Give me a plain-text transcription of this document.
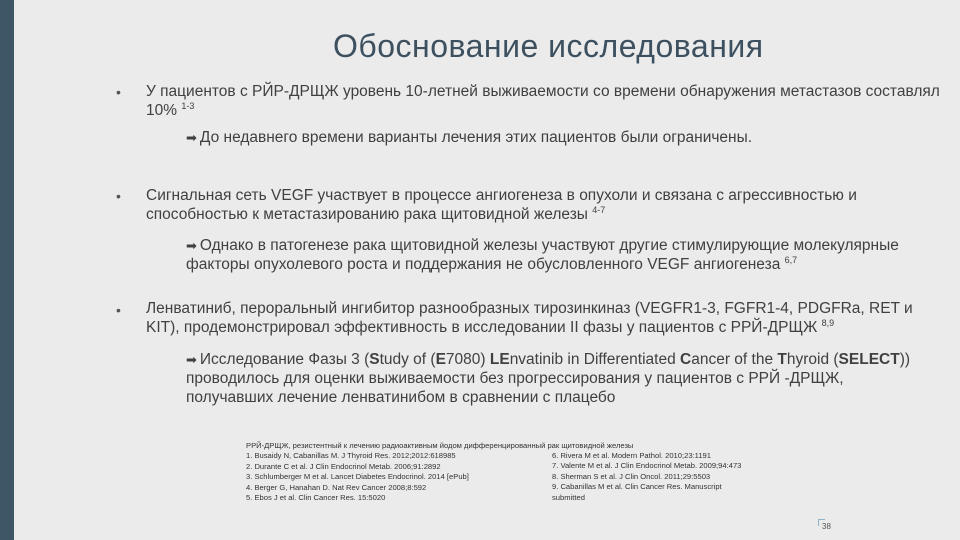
Обоснование исследования
• У пациентов с РЙР-ДРЩЖ уровень 10-летней выживаемости со времени обнаружения метастазов составлял 10% $^{1-3}$
➡ До недавнего времени варианты лечения этих пациентов были ограничены.
• Сигнальная сеть VEGF участвует в процессе ангиогенеза в опухоли и связана с агрессивностью и способностью к метастазированию рака щитовидной железы $^{4-7}$
➡ Однако в патогенезе рака щитовидной железы участвуют другие стимулирующие молекулярные факторы опухолевого роста и поддержания не обусловленного VEGF ангиогенеза $^{6,7}$
• Ленватиниб, пероральный ингибитор разнообразных тирозинкиназ (VEGFR1-3, FGFR1-4, PDGFRa, RET и KIT), продемонстрировал эффективность в исследовании II фазы у пациентов с РРЙ-ДРЩЖ $^{8,9}$
➡ Исследование Фазы 3 (Study of (E7080) LEnvatinib in Differentiated Cancer of the Thyroid (SELECT)) проводилось для оценки выживаемости без прогрессирования у пациентов с РРЙ -ДРЩЖ, получавших лечение ленватинибом в сравнении с плацебо
РРЙ-ДРЩЖ, резистентный к лечению радиоактивным йодом дифференцированный рак щитовидной железы
1. Busaidy N, Cabanillas M. J Thyroid Res. 2012;2012:618985
2. Durante C et al. J Clin Endocrinol Metab. 2006;91:2892
3. Schlumberger M et al. Lancet Diabetes Endocrinol. 2014 [ePub]
4. Berger G, Hanahan D. Nat Rev Cancer 2008;8:592
5. Ebos J et al. Clin Cancer Res. 15:5020
6. Rivera M et al. Modern Pathol. 2010;23:1191
7. Valente M et al. J Clin Endocrinol Metab. 2009;94:473
8. Sherman S et al. J Clin Oncol. 2011;29:5503
9. Cabanillas M et al. Clin Cancer Res. Manuscript
submitted
38
